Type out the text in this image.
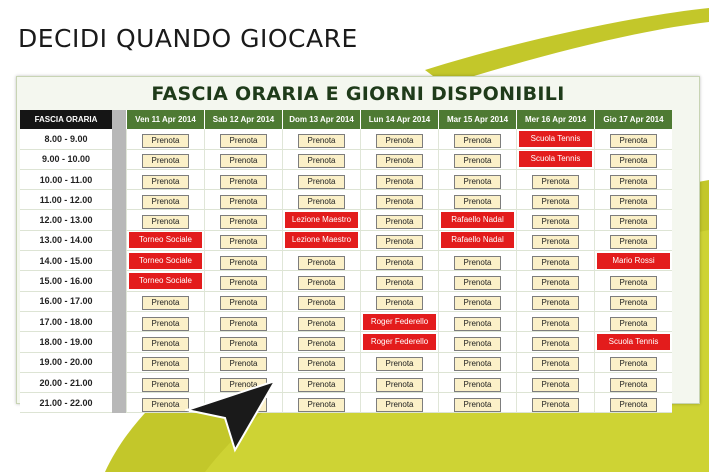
DECIDI QUANDO GIOCARE
FASCIA ORARIA E GIORNI DISPONIBILI
FASCIA ORARIA		Ven 11 Apr 2014	Sab 12 Apr 2014	Dom 13 Apr 2014	Lun 14 Apr 2014	Mar 15 Apr 2014	Mer 16 Apr 2014	Gio 17 Apr 2014
8.00 - 9.00		Prenota	Prenota	Prenota	Prenota	Prenota	Scuola Tennis	Prenota
9.00 - 10.00		Prenota	Prenota	Prenota	Prenota	Prenota	Scuola Tennis	Prenota
10.00 - 11.00		Prenota	Prenota	Prenota	Prenota	Prenota	Prenota	Prenota
11.00 - 12.00		Prenota	Prenota	Prenota	Prenota	Prenota	Prenota	Prenota
12.00 - 13.00		Prenota	Prenota	Lezione Maestro	Prenota	Rafaello Nadal	Prenota	Prenota
13.00 - 14.00		Torneo Sociale	Prenota	Lezione Maestro	Prenota	Rafaello Nadal	Prenota	Prenota
14.00 - 15.00		Torneo Sociale	Prenota	Prenota	Prenota	Prenota	Prenota	Mario Rossi

15.00 - 16.00		Torneo Sociale	Prenota	Prenota	Prenota	Prenota	Prenota	Prenota
16.00 - 17.00		Prenota	Prenota	Prenota	Prenota	Prenota	Prenota	Prenota
17.00 - 18.00		Prenota	Prenota	Prenota	Roger Federello	Prenota	Prenota	Prenota
18.00 - 19.00		Prenota	Prenota	Prenota	Roger Federello	Prenota	Prenota	Scuola Tennis

19.00 - 20.00		Prenota	Prenota	Prenota	Prenota	Prenota	Prenota	Prenota
20.00 - 21.00		Prenota	Prenota	Prenota	Prenota	Prenota	Prenota	Prenota
21.00 - 22.00		Prenota		Prenota	Prenota	Prenota	Prenota	Prenota
